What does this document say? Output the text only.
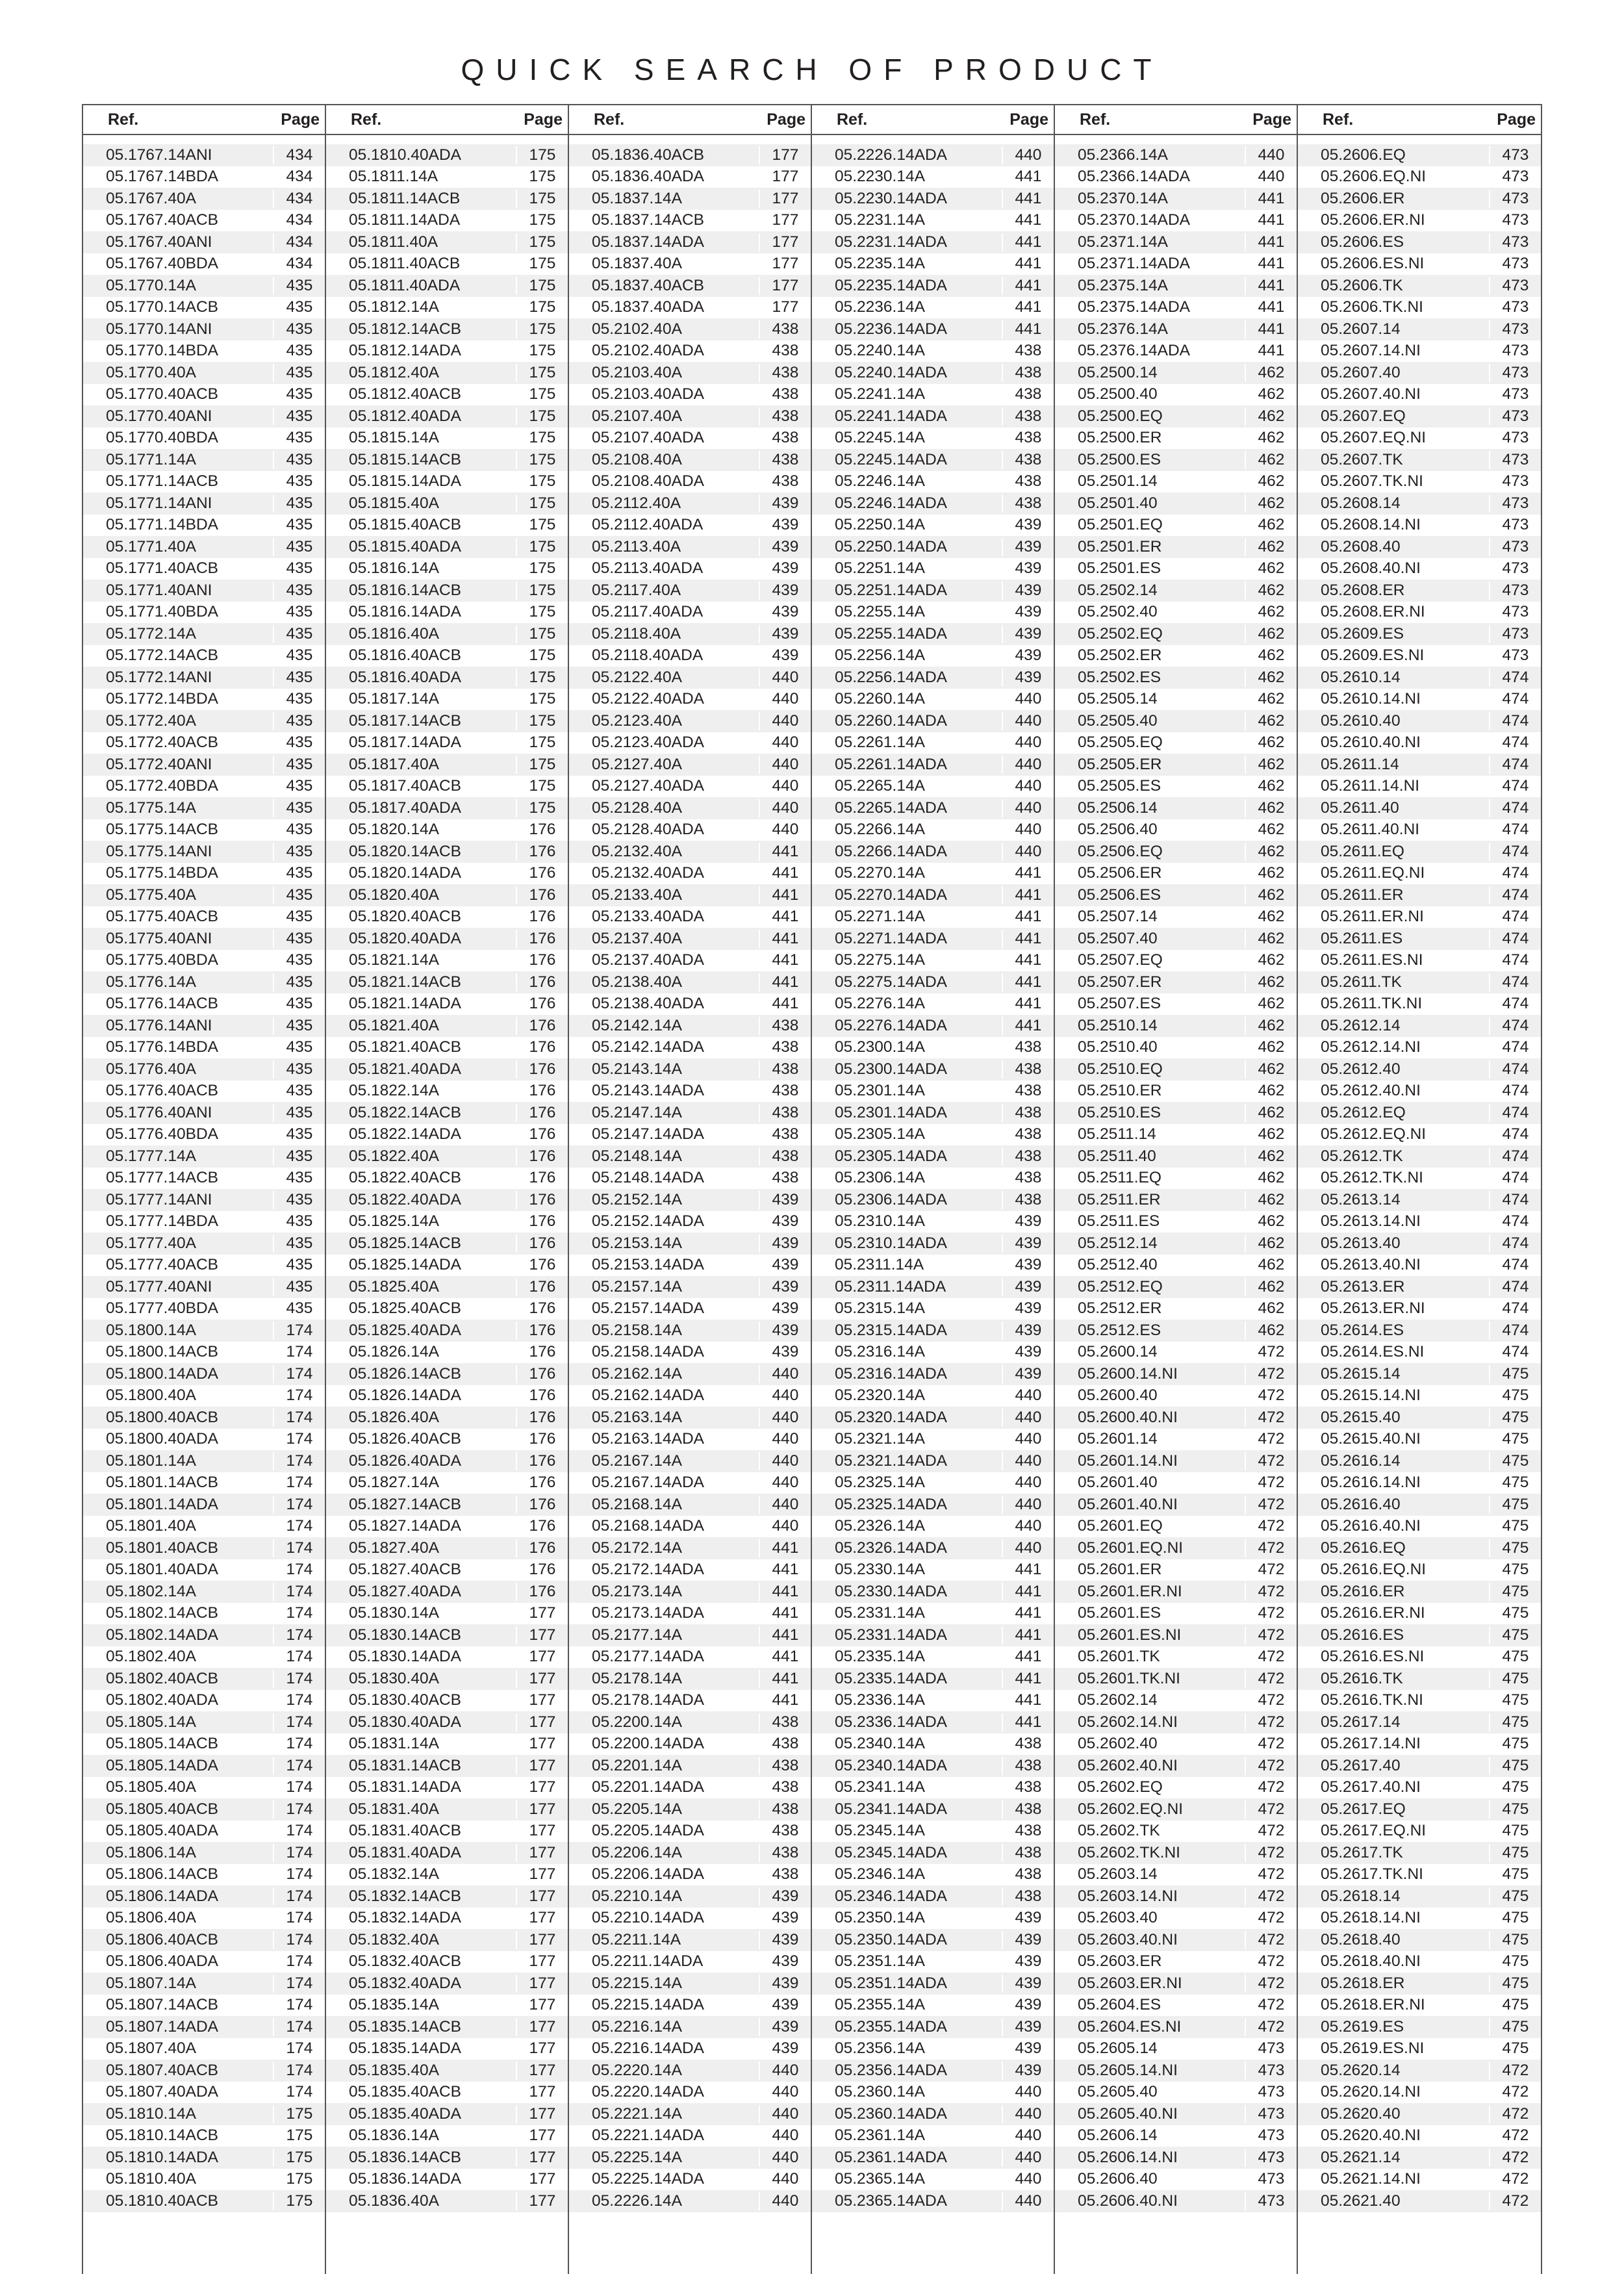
QUICK SEARCH OF PRODUCT
Ref.	Page
05.1767.14ANI	434
05.1767.14BDA	434
05.1767.40A	434
05.1767.40ACB	434
05.1767.40ANI	434
05.1767.40BDA	434
05.1770.14A	435
05.1770.14ACB	435
05.1770.14ANI	435
05.1770.14BDA	435
05.1770.40A	435
05.1770.40ACB	435
05.1770.40ANI	435
05.1770.40BDA	435
05.1771.14A	435
05.1771.14ACB	435
05.1771.14ANI	435
05.1771.14BDA	435
05.1771.40A	435
05.1771.40ACB	435
05.1771.40ANI	435
05.1771.40BDA	435
05.1772.14A	435
05.1772.14ACB	435
05.1772.14ANI	435
05.1772.14BDA	435
05.1772.40A	435
05.1772.40ACB	435
05.1772.40ANI	435
05.1772.40BDA	435
05.1775.14A	435
05.1775.14ACB	435
05.1775.14ANI	435
05.1775.14BDA	435
05.1775.40A	435
05.1775.40ACB	435
05.1775.40ANI	435
05.1775.40BDA	435
05.1776.14A	435
05.1776.14ACB	435
05.1776.14ANI	435
05.1776.14BDA	435
05.1776.40A	435
05.1776.40ACB	435
05.1776.40ANI	435
05.1776.40BDA	435
05.1777.14A	435
05.1777.14ACB	435
05.1777.14ANI	435
05.1777.14BDA	435
05.1777.40A	435
05.1777.40ACB	435
05.1777.40ANI	435
05.1777.40BDA	435
05.1800.14A	174
05.1800.14ACB	174
05.1800.14ADA	174
05.1800.40A	174
05.1800.40ACB	174
05.1800.40ADA	174
05.1801.14A	174
05.1801.14ACB	174
05.1801.14ADA	174
05.1801.40A	174
05.1801.40ACB	174
05.1801.40ADA	174
05.1802.14A	174
05.1802.14ACB	174
05.1802.14ADA	174
05.1802.40A	174
05.1802.40ACB	174
05.1802.40ADA	174
05.1805.14A	174
05.1805.14ACB	174
05.1805.14ADA	174
05.1805.40A	174
05.1805.40ACB	174
05.1805.40ADA	174
05.1806.14A	174
05.1806.14ACB	174
05.1806.14ADA	174
05.1806.40A	174
05.1806.40ACB	174
05.1806.40ADA	174
05.1807.14A	174
05.1807.14ACB	174
05.1807.14ADA	174
05.1807.40A	174
05.1807.40ACB	174
05.1807.40ADA	174
05.1810.14A	175
05.1810.14ACB	175
05.1810.14ADA	175
05.1810.40A	175
05.1810.40ACB	175
Ref.	Page
05.1810.40ADA	175
05.1811.14A	175
05.1811.14ACB	175
05.1811.14ADA	175
05.1811.40A	175
05.1811.40ACB	175
05.1811.40ADA	175
05.1812.14A	175
05.1812.14ACB	175
05.1812.14ADA	175
05.1812.40A	175
05.1812.40ACB	175
05.1812.40ADA	175
05.1815.14A	175
05.1815.14ACB	175
05.1815.14ADA	175
05.1815.40A	175
05.1815.40ACB	175
05.1815.40ADA	175
05.1816.14A	175
05.1816.14ACB	175
05.1816.14ADA	175
05.1816.40A	175
05.1816.40ACB	175
05.1816.40ADA	175
05.1817.14A	175
05.1817.14ACB	175
05.1817.14ADA	175
05.1817.40A	175
05.1817.40ACB	175
05.1817.40ADA	175
05.1820.14A	176
05.1820.14ACB	176
05.1820.14ADA	176
05.1820.40A	176
05.1820.40ACB	176
05.1820.40ADA	176
05.1821.14A	176
05.1821.14ACB	176
05.1821.14ADA	176
05.1821.40A	176
05.1821.40ACB	176
05.1821.40ADA	176
05.1822.14A	176
05.1822.14ACB	176
05.1822.14ADA	176
05.1822.40A	176
05.1822.40ACB	176
05.1822.40ADA	176
05.1825.14A	176
05.1825.14ACB	176
05.1825.14ADA	176
05.1825.40A	176
05.1825.40ACB	176
05.1825.40ADA	176
05.1826.14A	176
05.1826.14ACB	176
05.1826.14ADA	176
05.1826.40A	176
05.1826.40ACB	176
05.1826.40ADA	176
05.1827.14A	176
05.1827.14ACB	176
05.1827.14ADA	176
05.1827.40A	176
05.1827.40ACB	176
05.1827.40ADA	176
05.1830.14A	177
05.1830.14ACB	177
05.1830.14ADA	177
05.1830.40A	177
05.1830.40ACB	177
05.1830.40ADA	177
05.1831.14A	177
05.1831.14ACB	177
05.1831.14ADA	177
05.1831.40A	177
05.1831.40ACB	177
05.1831.40ADA	177
05.1832.14A	177
05.1832.14ACB	177
05.1832.14ADA	177
05.1832.40A	177
05.1832.40ACB	177
05.1832.40ADA	177
05.1835.14A	177
05.1835.14ACB	177
05.1835.14ADA	177
05.1835.40A	177
05.1835.40ACB	177
05.1835.40ADA	177
05.1836.14A	177
05.1836.14ACB	177
05.1836.14ADA	177
05.1836.40A	177
Ref.	Page
05.1836.40ACB	177
05.1836.40ADA	177
05.1837.14A	177
05.1837.14ACB	177
05.1837.14ADA	177
05.1837.40A	177
05.1837.40ACB	177
05.1837.40ADA	177
05.2102.40A	438
05.2102.40ADA	438
05.2103.40A	438
05.2103.40ADA	438
05.2107.40A	438
05.2107.40ADA	438
05.2108.40A	438
05.2108.40ADA	438
05.2112.40A	439
05.2112.40ADA	439
05.2113.40A	439
05.2113.40ADA	439
05.2117.40A	439
05.2117.40ADA	439
05.2118.40A	439
05.2118.40ADA	439
05.2122.40A	440
05.2122.40ADA	440
05.2123.40A	440
05.2123.40ADA	440
05.2127.40A	440
05.2127.40ADA	440
05.2128.40A	440
05.2128.40ADA	440
05.2132.40A	441
05.2132.40ADA	441
05.2133.40A	441
05.2133.40ADA	441
05.2137.40A	441
05.2137.40ADA	441
05.2138.40A	441
05.2138.40ADA	441
05.2142.14A	438
05.2142.14ADA	438
05.2143.14A	438
05.2143.14ADA	438
05.2147.14A	438
05.2147.14ADA	438
05.2148.14A	438
05.2148.14ADA	438
05.2152.14A	439
05.2152.14ADA	439
05.2153.14A	439
05.2153.14ADA	439
05.2157.14A	439
05.2157.14ADA	439
05.2158.14A	439
05.2158.14ADA	439
05.2162.14A	440
05.2162.14ADA	440
05.2163.14A	440
05.2163.14ADA	440
05.2167.14A	440
05.2167.14ADA	440
05.2168.14A	440
05.2168.14ADA	440
05.2172.14A	441
05.2172.14ADA	441
05.2173.14A	441
05.2173.14ADA	441
05.2177.14A	441
05.2177.14ADA	441
05.2178.14A	441
05.2178.14ADA	441
05.2200.14A	438
05.2200.14ADA	438
05.2201.14A	438
05.2201.14ADA	438
05.2205.14A	438
05.2205.14ADA	438
05.2206.14A	438
05.2206.14ADA	438
05.2210.14A	439
05.2210.14ADA	439
05.2211.14A	439
05.2211.14ADA	439
05.2215.14A	439
05.2215.14ADA	439
05.2216.14A	439
05.2216.14ADA	439
05.2220.14A	440
05.2220.14ADA	440
05.2221.14A	440
05.2221.14ADA	440
05.2225.14A	440
05.2225.14ADA	440
05.2226.14A	440
Ref.	Page
05.2226.14ADA	440
05.2230.14A	441
05.2230.14ADA	441
05.2231.14A	441
05.2231.14ADA	441
05.2235.14A	441
05.2235.14ADA	441
05.2236.14A	441
05.2236.14ADA	441
05.2240.14A	438
05.2240.14ADA	438
05.2241.14A	438
05.2241.14ADA	438
05.2245.14A	438
05.2245.14ADA	438
05.2246.14A	438
05.2246.14ADA	438
05.2250.14A	439
05.2250.14ADA	439
05.2251.14A	439
05.2251.14ADA	439
05.2255.14A	439
05.2255.14ADA	439
05.2256.14A	439
05.2256.14ADA	439
05.2260.14A	440
05.2260.14ADA	440
05.2261.14A	440
05.2261.14ADA	440
05.2265.14A	440
05.2265.14ADA	440
05.2266.14A	440
05.2266.14ADA	440
05.2270.14A	441
05.2270.14ADA	441
05.2271.14A	441
05.2271.14ADA	441
05.2275.14A	441
05.2275.14ADA	441
05.2276.14A	441
05.2276.14ADA	441
05.2300.14A	438
05.2300.14ADA	438
05.2301.14A	438
05.2301.14ADA	438
05.2305.14A	438
05.2305.14ADA	438
05.2306.14A	438
05.2306.14ADA	438
05.2310.14A	439
05.2310.14ADA	439
05.2311.14A	439
05.2311.14ADA	439
05.2315.14A	439
05.2315.14ADA	439
05.2316.14A	439
05.2316.14ADA	439
05.2320.14A	440
05.2320.14ADA	440
05.2321.14A	440
05.2321.14ADA	440
05.2325.14A	440
05.2325.14ADA	440
05.2326.14A	440
05.2326.14ADA	440
05.2330.14A	441
05.2330.14ADA	441
05.2331.14A	441
05.2331.14ADA	441
05.2335.14A	441
05.2335.14ADA	441
05.2336.14A	441
05.2336.14ADA	441
05.2340.14A	438
05.2340.14ADA	438
05.2341.14A	438
05.2341.14ADA	438
05.2345.14A	438
05.2345.14ADA	438
05.2346.14A	438
05.2346.14ADA	438
05.2350.14A	439
05.2350.14ADA	439
05.2351.14A	439
05.2351.14ADA	439
05.2355.14A	439
05.2355.14ADA	439
05.2356.14A	439
05.2356.14ADA	439
05.2360.14A	440
05.2360.14ADA	440
05.2361.14A	440
05.2361.14ADA	440
05.2365.14A	440
05.2365.14ADA	440
Ref.	Page
05.2366.14A	440
05.2366.14ADA	440
05.2370.14A	441
05.2370.14ADA	441
05.2371.14A	441
05.2371.14ADA	441
05.2375.14A	441
05.2375.14ADA	441
05.2376.14A	441
05.2376.14ADA	441
05.2500.14	462
05.2500.40	462
05.2500.EQ	462
05.2500.ER	462
05.2500.ES	462
05.2501.14	462
05.2501.40	462
05.2501.EQ	462
05.2501.ER	462
05.2501.ES	462
05.2502.14	462
05.2502.40	462
05.2502.EQ	462
05.2502.ER	462
05.2502.ES	462
05.2505.14	462
05.2505.40	462
05.2505.EQ	462
05.2505.ER	462
05.2505.ES	462
05.2506.14	462
05.2506.40	462
05.2506.EQ	462
05.2506.ER	462
05.2506.ES	462
05.2507.14	462
05.2507.40	462
05.2507.EQ	462
05.2507.ER	462
05.2507.ES	462
05.2510.14	462
05.2510.40	462
05.2510.EQ	462
05.2510.ER	462
05.2510.ES	462
05.2511.14	462
05.2511.40	462
05.2511.EQ	462
05.2511.ER	462
05.2511.ES	462
05.2512.14	462
05.2512.40	462
05.2512.EQ	462
05.2512.ER	462
05.2512.ES	462
05.2600.14	472
05.2600.14.NI	472
05.2600.40	472
05.2600.40.NI	472
05.2601.14	472
05.2601.14.NI	472
05.2601.40	472
05.2601.40.NI	472
05.2601.EQ	472
05.2601.EQ.NI	472
05.2601.ER	472
05.2601.ER.NI	472
05.2601.ES	472
05.2601.ES.NI	472
05.2601.TK	472
05.2601.TK.NI	472
05.2602.14	472
05.2602.14.NI	472
05.2602.40	472
05.2602.40.NI	472
05.2602.EQ	472
05.2602.EQ.NI	472
05.2602.TK	472
05.2602.TK.NI	472
05.2603.14	472
05.2603.14.NI	472
05.2603.40	472
05.2603.40.NI	472
05.2603.ER	472
05.2603.ER.NI	472
05.2604.ES	472
05.2604.ES.NI	472
05.2605.14	473
05.2605.14.NI	473
05.2605.40	473
05.2605.40.NI	473
05.2606.14	473
05.2606.14.NI	473
05.2606.40	473
05.2606.40.NI	473
Ref.	Page
05.2606.EQ	473
05.2606.EQ.NI	473
05.2606.ER	473
05.2606.ER.NI	473
05.2606.ES	473
05.2606.ES.NI	473
05.2606.TK	473
05.2606.TK.NI	473
05.2607.14	473
05.2607.14.NI	473
05.2607.40	473
05.2607.40.NI	473
05.2607.EQ	473
05.2607.EQ.NI	473
05.2607.TK	473
05.2607.TK.NI	473
05.2608.14	473
05.2608.14.NI	473
05.2608.40	473
05.2608.40.NI	473
05.2608.ER	473
05.2608.ER.NI	473
05.2609.ES	473
05.2609.ES.NI	473
05.2610.14	474
05.2610.14.NI	474
05.2610.40	474
05.2610.40.NI	474
05.2611.14	474
05.2611.14.NI	474
05.2611.40	474
05.2611.40.NI	474
05.2611.EQ	474
05.2611.EQ.NI	474
05.2611.ER	474
05.2611.ER.NI	474
05.2611.ES	474
05.2611.ES.NI	474
05.2611.TK	474
05.2611.TK.NI	474
05.2612.14	474
05.2612.14.NI	474
05.2612.40	474
05.2612.40.NI	474
05.2612.EQ	474
05.2612.EQ.NI	474
05.2612.TK	474
05.2612.TK.NI	474
05.2613.14	474
05.2613.14.NI	474
05.2613.40	474
05.2613.40.NI	474
05.2613.ER	474
05.2613.ER.NI	474
05.2614.ES	474
05.2614.ES.NI	474
05.2615.14	475
05.2615.14.NI	475
05.2615.40	475
05.2615.40.NI	475
05.2616.14	475
05.2616.14.NI	475
05.2616.40	475
05.2616.40.NI	475
05.2616.EQ	475
05.2616.EQ.NI	475
05.2616.ER	475
05.2616.ER.NI	475
05.2616.ES	475
05.2616.ES.NI	475
05.2616.TK	475
05.2616.TK.NI	475
05.2617.14	475
05.2617.14.NI	475
05.2617.40	475
05.2617.40.NI	475
05.2617.EQ	475
05.2617.EQ.NI	475
05.2617.TK	475
05.2617.TK.NI	475
05.2618.14	475
05.2618.14.NI	475
05.2618.40	475
05.2618.40.NI	475
05.2618.ER	475
05.2618.ER.NI	475
05.2619.ES	475
05.2619.ES.NI	475
05.2620.14	472
05.2620.14.NI	472
05.2620.40	472
05.2620.40.NI	472
05.2621.14	472
05.2621.14.NI	472
05.2621.40	472
